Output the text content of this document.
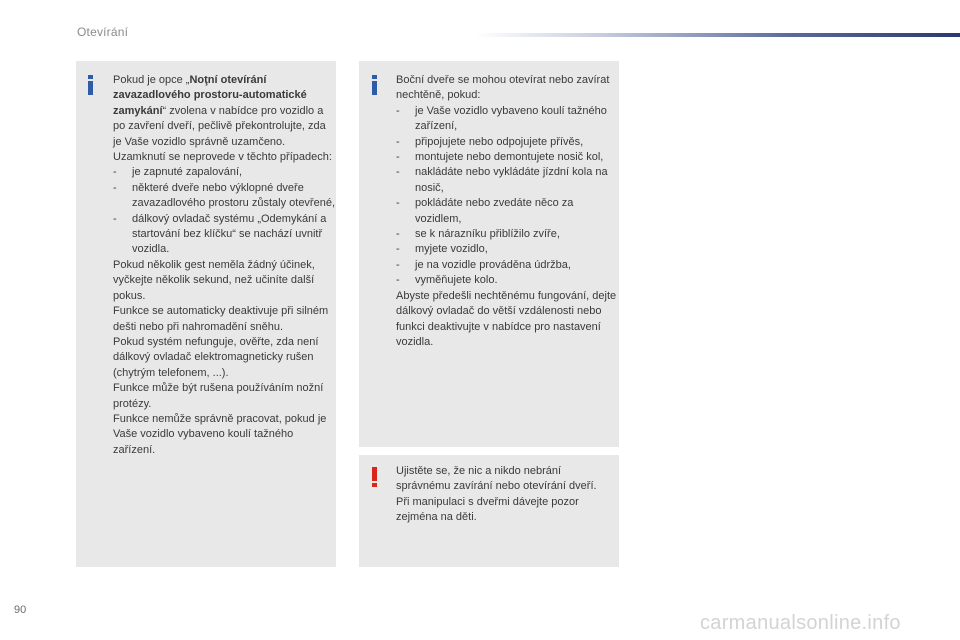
Otevírání

Pokud je opce „Noţní otevírání zavazadlového prostoru-automatické zamykání“ zvolena v nabídce pro vozidlo a po zavření dveří, pečlivě překontrolujte, zda je Vaše vozidlo správně uzamčeno.

Uzamknutí se neprovede v těchto případech:

- je zapnuté zapalování,
- některé dveře nebo výklopné dveře zavazadlového prostoru zůstaly otevřené,
- dálkový ovladač systému „Odemykání a startování bez klíčku“ se nachází uvnitř vozidla.

Pokud několik gest neměla žádný účinek, vyčkejte několik sekund, než učiníte další pokus.

Funkce se automaticky deaktivuje při silném dešti nebo při nahromadění sněhu.

Pokud systém nefunguje, ověřte, zda není dálkový ovladač elektromagneticky rušen (chytrým telefonem, ...).

Funkce může být rušena používáním nožní protézy.

Funkce nemůže správně pracovat, pokud je Vaše vozidlo vybaveno koulí tažného zařízení.

Boční dveře se mohou otevírat nebo zavírat nechtěně, pokud:

- je Vaše vozidlo vybaveno koulí tažného zařízení,
- připojujete nebo odpojujete přívěs,
- montujete nebo demontujete nosič kol,
- nakládáte nebo vykládáte jízdní kola na nosič,
- pokládáte nebo zvedáte něco za vozidlem,
- se k nárazníku přiblížilo zvíře,
- myjete vozidlo,
- je na vozidle prováděna údržba,
- vyměňujete kolo.

Abyste předešli nechtěnému fungování, dejte dálkový ovladač do větší vzdálenosti nebo funkci deaktivujte v nabídce pro nastavení vozidla.

Ujistěte se, že nic a nikdo nebrání správnému zavírání nebo otevírání dveří.

Při manipulaci s dveřmi dávejte pozor zejména na děti.

90
carmanualsonline.info
